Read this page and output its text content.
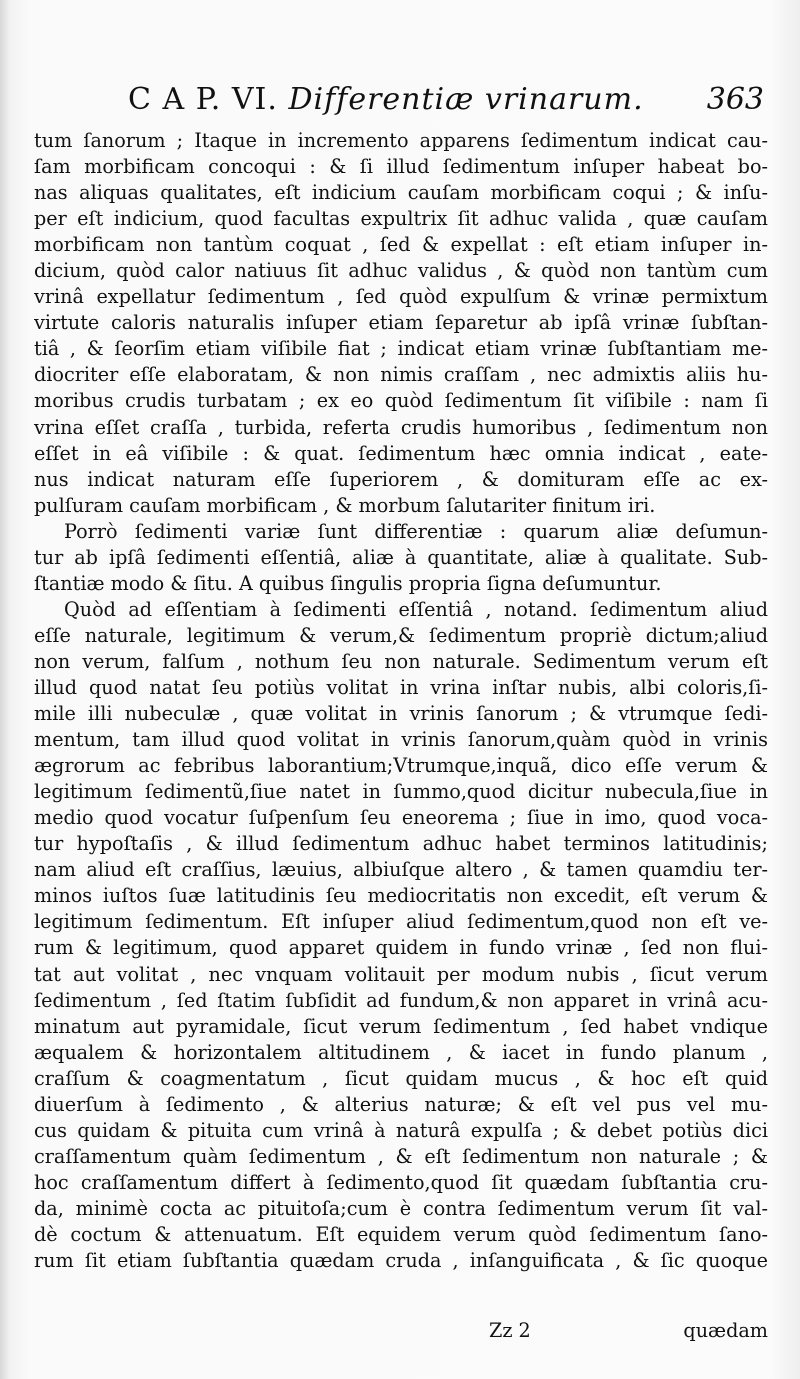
C A P. VI. Differentiæ vrinarum. 363
tum ſanorum ; Itaque in incremento apparens ſedimentum indicat cau-
ſam morbificam concoqui : & ſi illud ſedimentum inſuper habeat bo-
nas aliquas qualitates, eſt indicium cauſam morbificam coqui ; & inſu-
per eſt indicium, quod facultas expultrix ſit adhuc valida , quæ cauſam
morbificam non tantùm coquat , ſed & expellat : eſt etiam inſuper in-
dicium, quòd calor natiuus ſit adhuc validus , & quòd non tantùm cum
vrinâ expellatur ſedimentum , ſed quòd expulſum & vrinæ permixtum
virtute caloris naturalis inſuper etiam ſeparetur ab ipſâ vrinæ ſubſtan-
tiâ , & ſeorſim etiam viſibile fiat ; indicat etiam vrinæ ſubſtantiam me-
diocriter eſſe elaboratam, & non nimis craſſam , nec admixtis aliis hu-
moribus crudis turbatam ; ex eo quòd ſedimentum ſit viſibile : nam ſi
vrina eſſet craſſa , turbida, referta crudis humoribus , ſedimentum non
eſſet in eâ viſibile : & quat. ſedimentum hæc omnia indicat , eate-
nus indicat naturam eſſe ſuperiorem , & domituram eſſe ac ex-
pulſuram cauſam morbificam , & morbum ſalutariter finitum iri.
Porrò ſedimenti variæ ſunt differentiæ : quarum aliæ deſumun-
tur ab ipſâ ſedimenti eſſentiâ, aliæ à quantitate, aliæ à qualitate. Sub-
ſtantiæ modo & ſitu. A quibus ſingulis propria ſigna deſumuntur.
Quòd ad eſſentiam à ſedimenti eſſentiâ , notand. ſedimentum aliud
eſſe naturale, legitimum & verum,& ſedimentum propriè dictum;aliud
non verum, falſum , nothum ſeu non naturale. Sedimentum verum eſt
illud quod natat ſeu potiùs volitat in vrina inſtar nubis, albi coloris,ſi-
mile illi nubeculæ , quæ volitat in vrinis ſanorum ; & vtrumque ſedi-
mentum, tam illud quod volitat in vrinis ſanorum,quàm quòd in vrinis
ægrorum ac febribus laborantium;Vtrumque,inquã, dico eſſe verum &
legitimum ſedimentũ,ſiue natet in ſummo,quod dicitur nubecula,ſiue in
medio quod vocatur ſuſpenſum ſeu eneorema ; ſiue in imo, quod voca-
tur hypoſtaſis , & illud ſedimentum adhuc habet terminos latitudinis;
nam aliud eſt craſſius, læuius, albiuſque altero , & tamen quamdiu ter-
minos iuſtos ſuæ latitudinis ſeu mediocritatis non excedit, eſt verum &
legitimum ſedimentum. Eſt inſuper aliud ſedimentum,quod non eſt ve-
rum & legitimum, quod apparet quidem in fundo vrinæ , ſed non flui-
tat aut volitat , nec vnquam volitauit per modum nubis , ſicut verum
ſedimentum , ſed ſtatim ſubſidit ad fundum,& non apparet in vrinâ acu-
minatum aut pyramidale, ſicut verum ſedimentum , ſed habet vndique
æqualem & horizontalem altitudinem , & iacet in fundo planum ,
craſſum & coagmentatum , ſicut quidam mucus , & hoc eſt quid
diuerſum à ſedimento , & alterius naturæ; & eſt vel pus vel mu-
cus quidam & pituita cum vrinâ à naturâ expulſa ; & debet potiùs dici
craſſamentum quàm ſedimentum , & eſt ſedimentum non naturale ; &
hoc craſſamentum differt à ſedimento,quod ſit quædam ſubſtantia cru-
da, minimè cocta ac pituitoſa;cum è contra ſedimentum verum ſit val-
dè coctum & attenuatum. Eſt equidem verum quòd ſedimentum ſano-
rum ſit etiam ſubſtantia quædam cruda , inſanguificata , & ſic quoque
Zz 2	quædam
